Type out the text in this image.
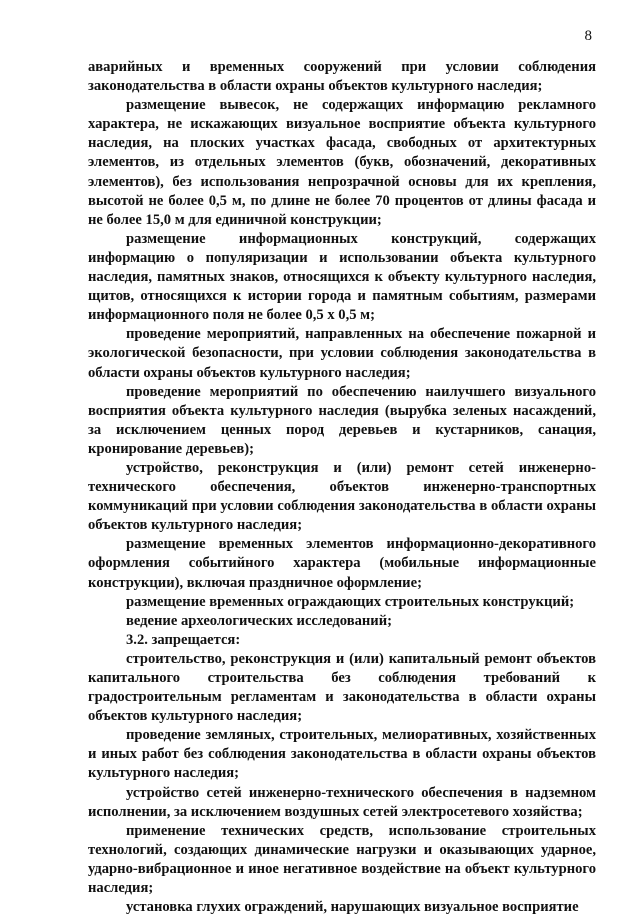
8

аварийных и временных сооружений при условии соблюдения законодательства в области охраны объектов культурного наследия;

размещение вывесок, не содержащих информацию рекламного характера, не искажающих визуальное восприятие объекта культурного наследия, на плоских участках фасада, свободных от архитектурных элементов, из отдельных элементов (букв, обозначений, декоративных элементов), без использования непрозрачной основы для их крепления, высотой не более 0,5 м, по длине не более 70 процентов от длины фасада и не более 15,0 м для единичной конструкции;

размещение информационных конструкций, содержащих информацию о популяризации и использовании объекта культурного наследия, памятных знаков, относящихся к объекту культурного наследия, щитов, относящихся к истории города и памятным событиям, размерами информационного поля не более 0,5 х 0,5 м;

проведение мероприятий, направленных на обеспечение пожарной и экологической безопасности, при условии соблюдения законодательства в области охраны объектов культурного наследия;

проведение мероприятий по обеспечению наилучшего визуального восприятия объекта культурного наследия (вырубка зеленых насаждений, за исключением ценных пород деревьев и кустарников, санация, кронирование деревьев);

устройство, реконструкция и (или) ремонт сетей инженерно-технического обеспечения, объектов инженерно-транспортных коммуникаций при условии соблюдения законодательства в области охраны объектов культурного наследия;

размещение временных элементов информационно-декоративного оформления событийного характера (мобильные информационные конструкции), включая праздничное оформление;

размещение временных ограждающих строительных конструкций;

ведение археологических исследований;

3.2. запрещается:

строительство, реконструкция и (или) капитальный ремонт объектов капитального строительства без соблюдения требований к градостроительным регламентам и законодательства в области охраны объектов культурного наследия;

проведение земляных, строительных, мелиоративных, хозяйственных и иных работ без соблюдения законодательства в области охраны объектов культурного наследия;

устройство сетей инженерно-технического обеспечения в надземном исполнении, за исключением воздушных сетей электросетевого хозяйства;

применение технических средств, использование строительных технологий, создающих динамические нагрузки и оказывающих ударное, ударно-вибрационное и иное негативное воздействие на объект культурного наследия;

установка глухих ограждений, нарушающих визуальное восприятие
